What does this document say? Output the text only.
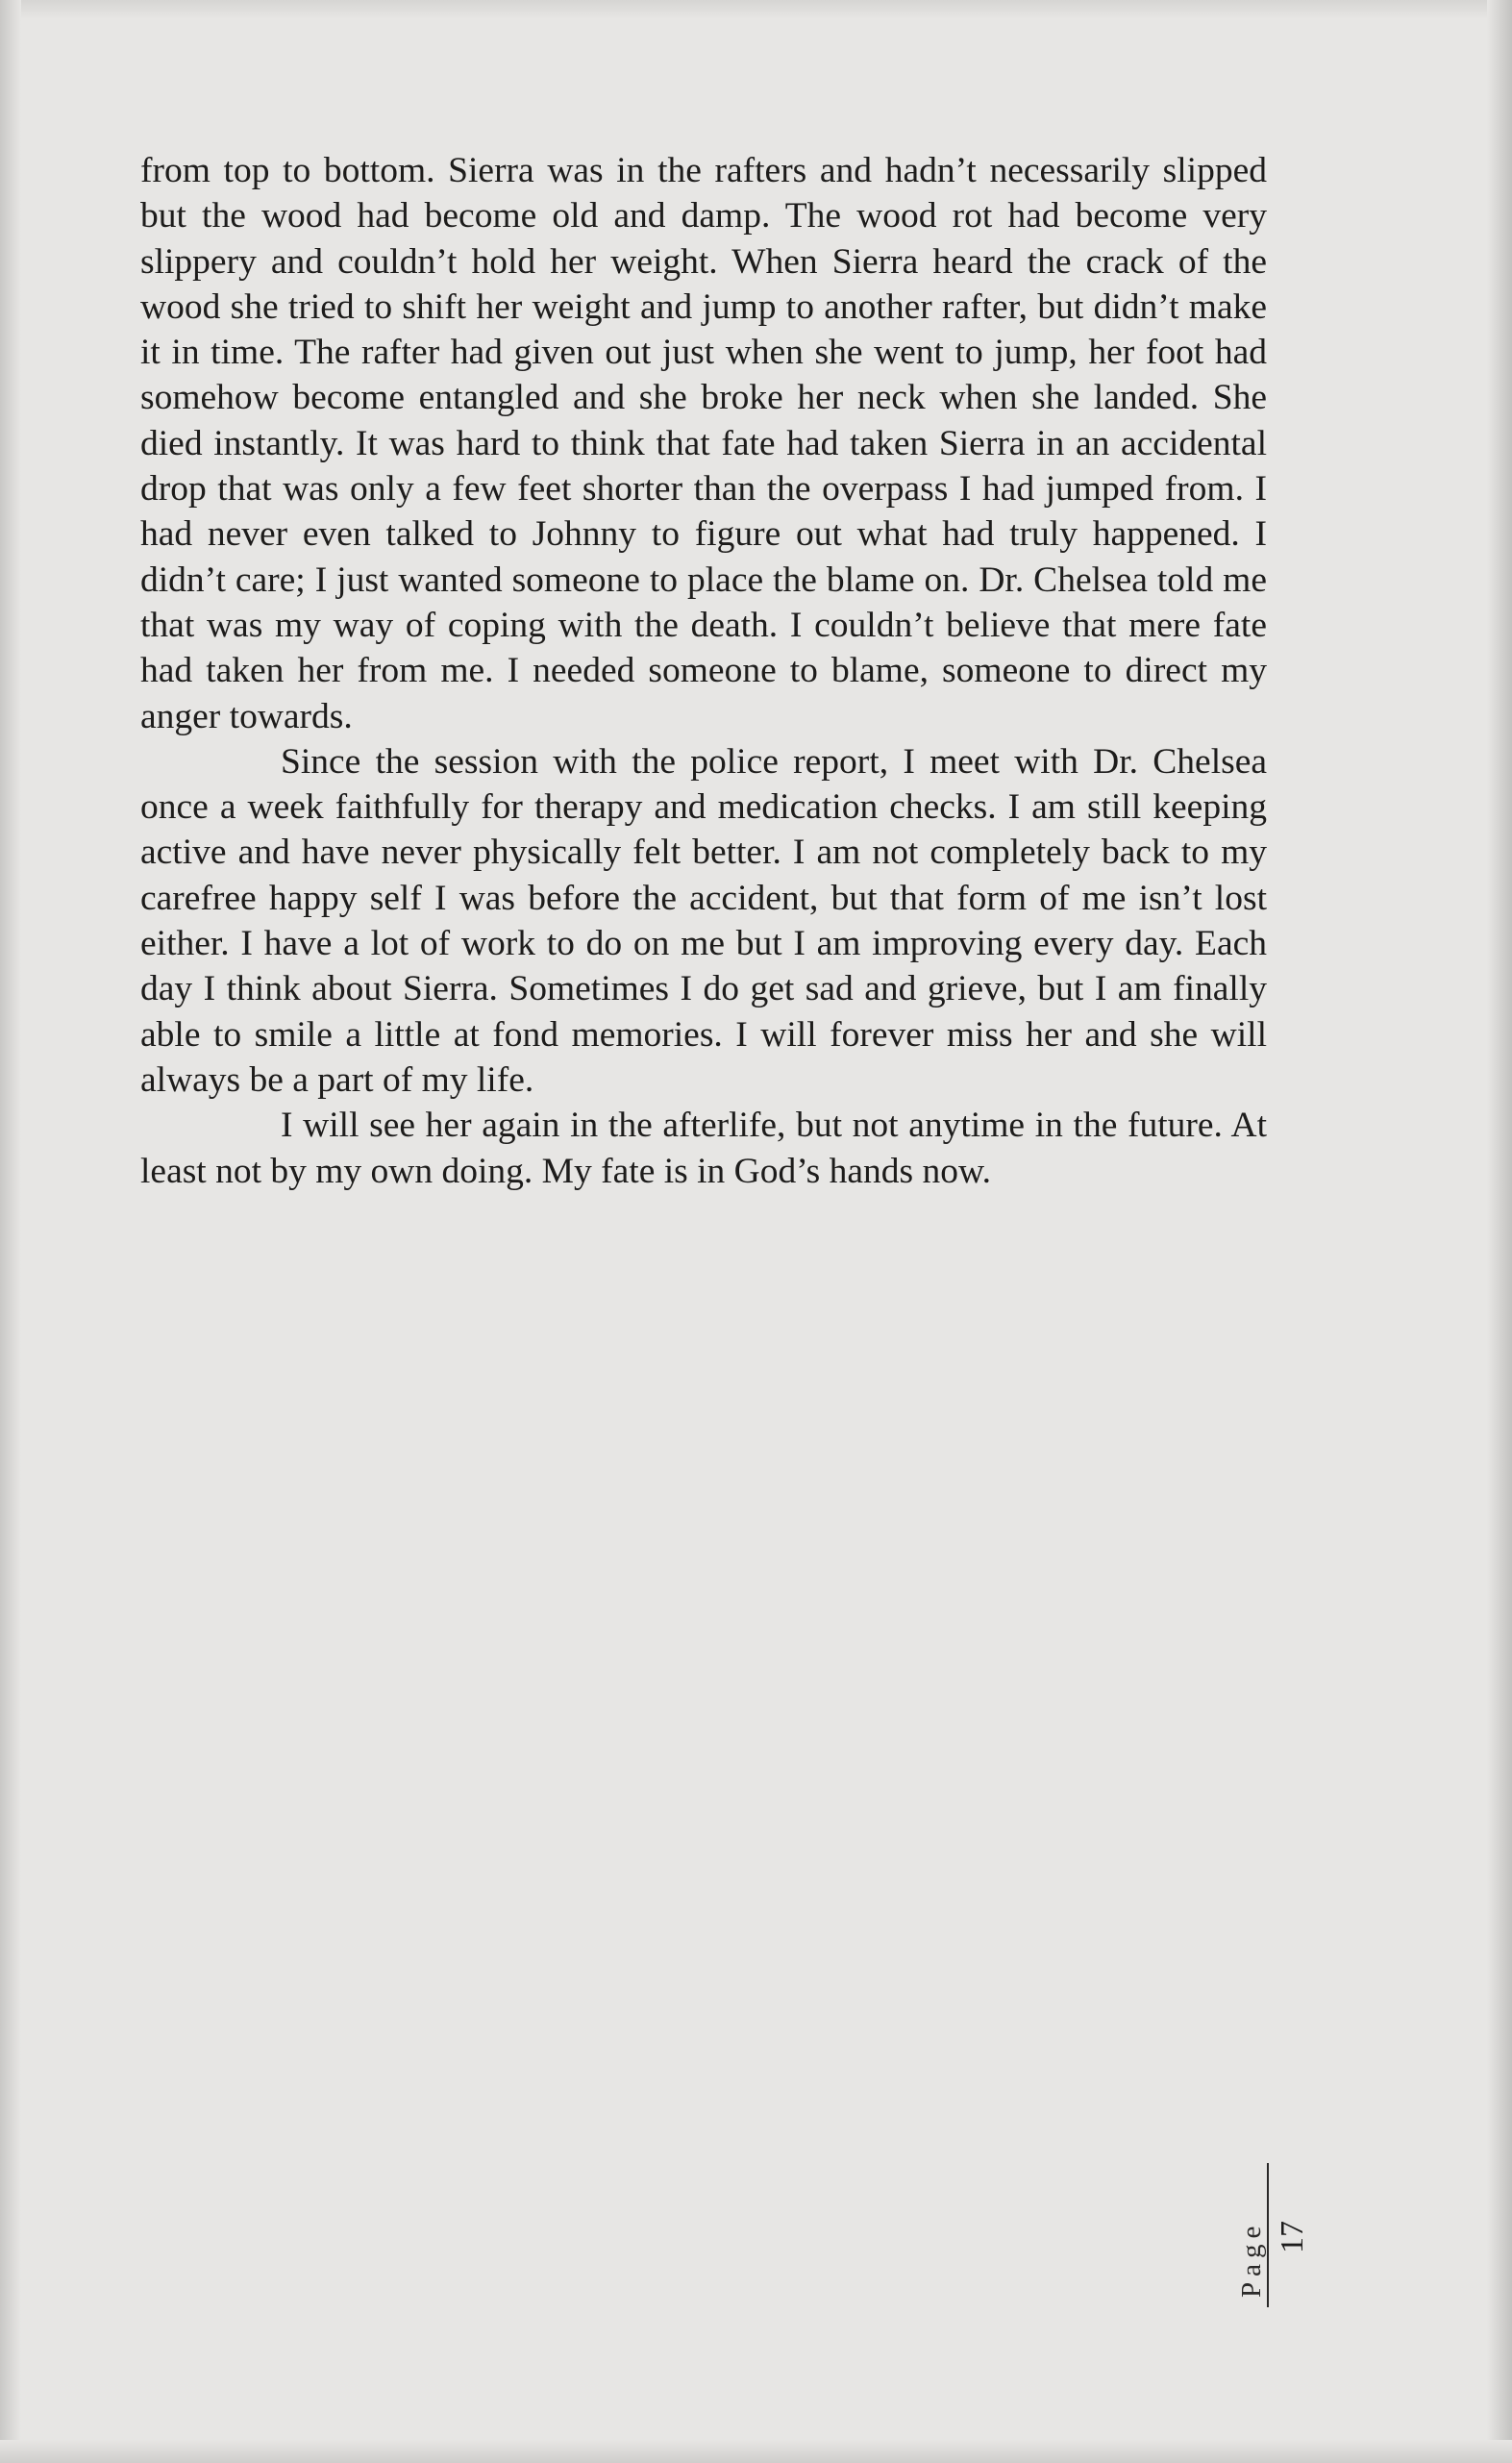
from top to bottom. Sierra was in the rafters and hadn’t necessarily slipped but the wood had become old and damp. The wood rot had become very slippery and couldn’t hold her weight. When Sierra heard the crack of the wood she tried to shift her weight and jump to another rafter, but didn’t make it in time. The rafter had given out just when she went to jump, her foot had somehow become entangled and she broke her neck when she landed. She died instantly. It was hard to think that fate had taken Sierra in an accidental drop that was only a few feet shorter than the overpass I had jumped from. I had never even talked to Johnny to figure out what had truly happened. I didn’t care; I just wanted someone to place the blame on. Dr. Chelsea told me that was my way of coping with the death. I couldn’t believe that mere fate had taken her from me. I needed someone to blame, someone to direct my anger towards.

Since the session with the police report, I meet with Dr. Chelsea once a week faithfully for therapy and medication checks. I am still keeping active and have never physically felt better. I am not completely back to my carefree happy self I was before the accident, but that form of me isn’t lost either. I have a lot of work to do on me but I am improving every day. Each day I think about Sierra. Sometimes I do get sad and grieve, but I am finally able to smile a little at fond memories. I will forever miss her and she will always be a part of my life.

I will see her again in the afterlife, but not anytime in the future. At least not by my own doing. My fate is in God’s hands now.

Page 17
